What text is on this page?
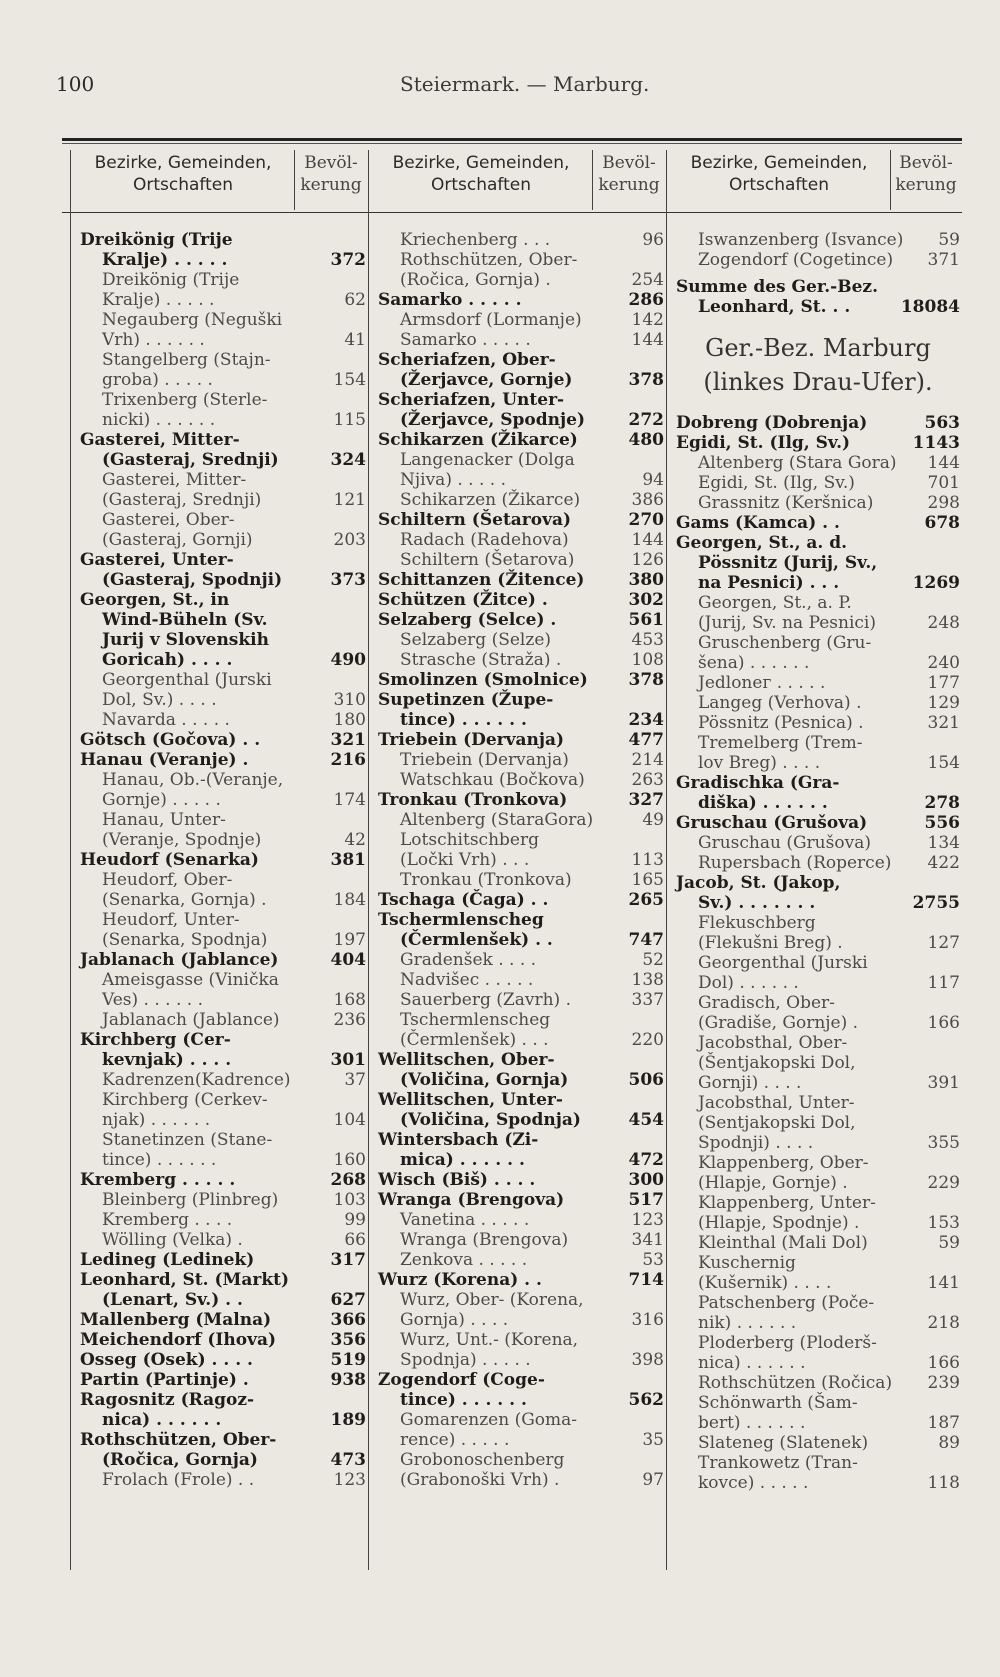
100	Steiermark. — Marburg.
Bezirke, Gemeinden,
Ortschaften
Bevöl-
kerung
Bezirke, Gemeinden,
Ortschaften
Bevöl-
kerung
Bezirke, Gemeinden,
Ortschaften
Bevöl-
kerung
Dreikönig (Trije
Kralje) . . . . .	372
Dreikönig (Trije
Kralje) . . . . .	62
Negauberg (Neguški
Vrh) . . . . . .	41
Stangelberg (Stajn-
groba) . . . . .	154
Trixenberg (Sterle-
nicki) . . . . . .	115
Gasterei, Mitter-
(Gasteraj, Srednji)	324
Gasterei, Mitter-
(Gasteraj, Srednji)	121
Gasterei, Ober-
(Gasteraj, Gornji)	203
Gasterei, Unter-
(Gasteraj, Spodnji)	373
Georgen, St., in
Wind-Büheln (Sv.
Jurij v Slovenskih
Goricah) . . . .	490
Georgenthal (Jurski
Dol, Sv.) . . . .	310
Navarda . . . . .	180
Götsch (Gočova) . .	321
Hanau (Veranje) .	216
Hanau, Ob.-(Veranje,
Gornje) . . . . .	174
Hanau, Unter-
(Veranje, Spodnje)	42
Heudorf (Senarka)	381
Heudorf, Ober-
(Senarka, Gornja) .	184
Heudorf, Unter-
(Senarka, Spodnja)	197
Jablanach (Jablance)	404
Ameisgasse (Vinička
Ves) . . . . . .	168
Jablanach (Jablance)	236
Kirchberg (Cer-
kevnjak) . . . .	301
Kadrenzen(Kadrence)	37
Kirchberg (Cerkev-
njak) . . . . . .	104
Stanetinzen (Stane-
tince) . . . . . .	160
Kremberg . . . . .	268
Bleinberg (Plinbreg)	103
Kremberg . . . .	99
Wölling (Velka) .	66
Ledineg (Ledinek)	317
Leonhard, St. (Markt)
(Lenart, Sv.) . .	627
Mallenberg (Malna)	366
Meichendorf (Ihova)	356
Osseg (Osek) . . . .	519
Partin (Partinje) .	938
Ragosnitz (Ragoz-
nica) . . . . . .	189
Rothschützen, Ober-
(Ročica, Gornja)	473
Frolach (Frole) . .	123
Kriechenberg . . .	96
Rothschützen, Ober-
(Ročica, Gornja) .	254
Samarko . . . . .	286
Armsdorf (Lormanje)	142
Samarko . . . . .	144
Scheriafzen, Ober-
(Žerjavce, Gornje)	378
Scheriafzen, Unter-
(Žerjavce, Spodnje)	272
Schikarzen (Žikarce)	480
Langenacker (Dolga
Njiva) . . . . .	94
Schikarzen (Žikarce)	386
Schiltern (Šetarova)	270
Radach (Radehova)	144
Schiltern (Šetarova)	126
Schittanzen (Žitence)	380
Schützen (Žitce) .	302
Selzaberg (Selce) .	561
Selzaberg (Selze)	453
Strasche (Straža) .	108
Smolinzen (Smolnice)	378
Supetinzen (Župe-
tince) . . . . . .	234
Triebein (Dervanja)	477
Triebein (Dervanja)	214
Watschkau (Bočkova)	263
Tronkau (Tronkova)	327
Altenberg (StaraGora)	49
Lotschitschberg
(Ločki Vrh) . . .	113
Tronkau (Tronkova)	165
Tschaga (Čaga) . .	265
Tschermlenscheg
(Čermlenšek) . .	747
Gradenšek . . . .	52
Nadvišec . . . . .	138
Sauerberg (Zavrh) .	337
Tschermlenscheg
(Čermlenšek) . . .	220
Wellitschen, Ober-
(Voličina, Gornja)	506
Wellitschen, Unter-
(Voličina, Spodnja)	454
Wintersbach (Zi-
mica) . . . . . .	472
Wisch (Biš) . . . .	300
Wranga (Brengova)	517
Vanetina . . . . .	123
Wranga (Brengova)	341
Zenkova . . . . .	53
Wurz (Korena) . .	714
Wurz, Ober- (Korena,
Gornja) . . . .	316
Wurz, Unt.- (Korena,
Spodnja) . . . . .	398
Zogendorf (Coge-
tince) . . . . . .	562
Gomarenzen (Goma-
rence) . . . . .	35
Grobonoschenberg
(Grabonoški Vrh) .	97
Iswanzenberg (Isvance)	59
Zogendorf (Cogetince)	371
Summe des Ger.-Bez.
Leonhard, St. . .	18084
Ger.-Bez. Marburg
(linkes Drau-Ufer).
Dobreng (Dobrenja)	563
Egidi, St. (Ilg, Sv.)	1143
Altenberg (Stara Gora)	144
Egidi, St. (Ilg, Sv.)	701
Grassnitz (Keršnica)	298
Gams (Kamca) . .	678
Georgen, St., a. d.
Pössnitz (Jurij, Sv.,
na Pesnici) . . .	1269
Georgen, St., a. P.
(Jurij, Sv. na Pesnici)	248
Gruschenberg (Gru-
šena) . . . . . .	240
Jedlonег . . . . .	177
Langeg (Verhova) .	129
Pössnitz (Pesnica) .	321
Tremelberg (Trem-
lov Breg) . . . .	154
Gradischka (Gra-
diška) . . . . . .	278
Gruschau (Grušova)	556
Gruschau (Grušova)	134
Rupersbach (Roperce)	422
Jacob, St. (Jakop,
Sv.) . . . . . . .	2755
Flekuschberg
(Flekušni Breg) .	127
Georgenthal (Jurski
Dol) . . . . . .	117
Gradisch, Ober-
(Gradiše, Gornje) .	166
Jacobsthal, Ober-
(Šentjakopski Dol,
Gornji) . . . .	391
Jacobsthal, Unter-
(Sentjakopski Dol,
Spodnji) . . . .	355
Klappenberg, Ober-
(Hlapje, Gornje) .	229
Klappenberg, Unter-
(Hlapje, Spodnje) .	153
Kleinthal (Mali Dol)	59
Kuschernig
(Kušernik) . . . .	141
Patschenberg (Poče-
nik) . . . . . .	218
Ploderberg (Ploderš-
nica) . . . . . .	166
Rothschützen (Ročica)	239
Schönwarth (Šam-
bert) . . . . . .	187
Slateneg (Slatenek)	89
Trankowetz (Tran-
kovce) . . . . .	118
